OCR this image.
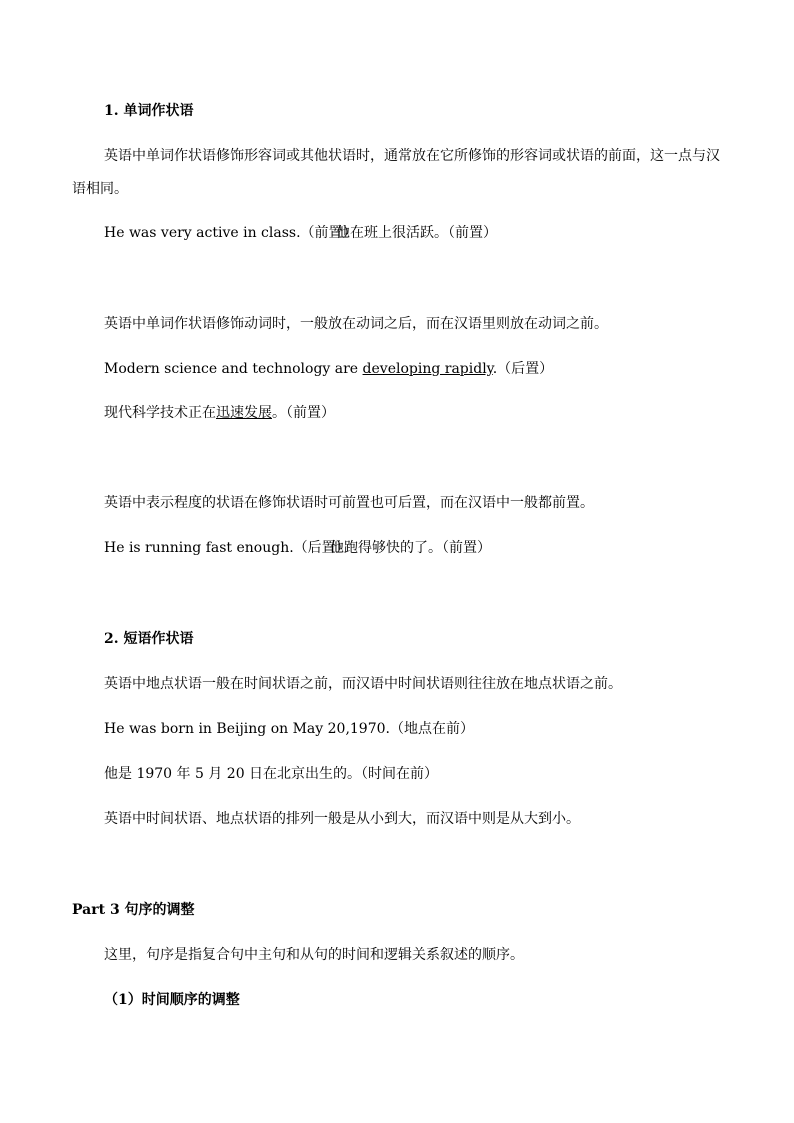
1. 单词作状语
英语中单词作状语修饰形容词或其他状语时，通常放在它所修饰的形容词或状语的前面，这一点与汉
语相同。
He was very active in class.（前置）
他在班上很活跃。（前置）
英语中单词作状语修饰动词时，一般放在动词之后，而在汉语里则放在动词之前。
Modern science and technology are developing rapidly.（后置）
现代科学技术正在迅速发展。（前置）
英语中表示程度的状语在修饰状语时可前置也可后置，而在汉语中一般都前置。
He is running fast enough.（后置）
他跑得够快的了。（前置）
2. 短语作状语
英语中地点状语一般在时间状语之前，而汉语中时间状语则往往放在地点状语之前。
He was born in Beijing on May 20,1970.（地点在前）
他是 1970 年 5 月 20 日在北京出生的。（时间在前）
英语中时间状语、地点状语的排列一般是从小到大，而汉语中则是从大到小。
Part 3 句序的调整
这里，句序是指复合句中主句和从句的时间和逻辑关系叙述的顺序。
（1）时间顺序的调整
